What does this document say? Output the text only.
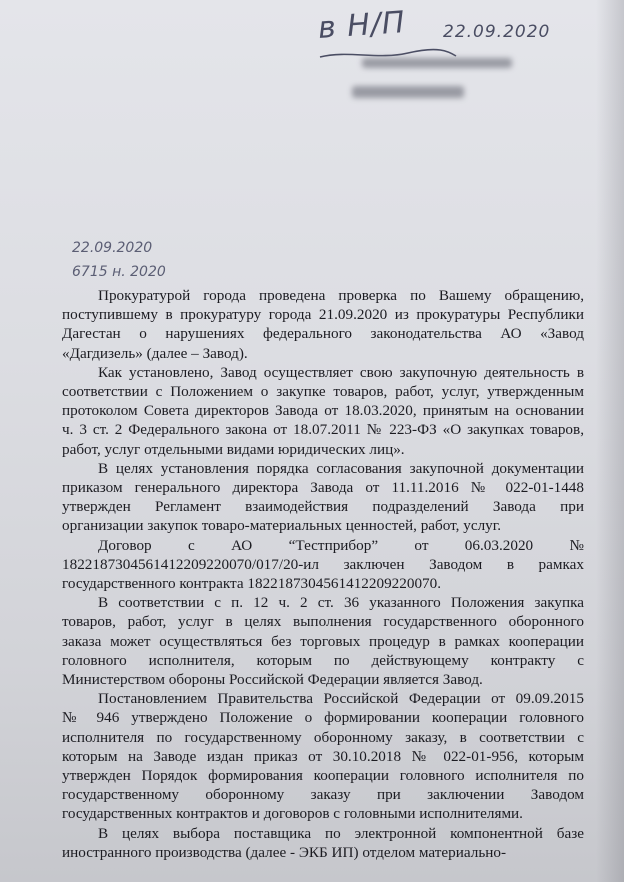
в Н/П 22.09.2020
22.09.2020
6715 н. 2020

Прокуратурой города проведена проверка по Вашему обращению,
поступившему в прокуратуру города 21.09.2020 из прокуратуры Республики
Дагестан о нарушениях федерального законодательства АО «Завод
«Дагдизель» (далее – Завод).

Как установлено, Завод осуществляет свою закупочную деятельность в
соответствии с Положением о закупке товаров, работ, услуг, утвержденным
протоколом Совета директоров Завода от 18.03.2020, принятым на основании
ч. 3 ст. 2 Федерального закона от 18.07.2011 № 223-ФЗ «О закупках товаров,
работ, услуг отдельными видами юридических лиц».

В целях установления порядка согласования закупочной документации
приказом генерального директора Завода от 11.11.2016 № 022-01-1448
утвержден Регламент взаимодействия подразделений Завода при
организации закупок товаро-материальных ценностей, работ, услуг.

Договор с АО “Тестприбор” от 06.03.2020 №
1822187304561412209220070/017/20-ил заключен Заводом в рамках
государственного контракта 1822187304561412209220070.

В соответствии с п. 12 ч. 2 ст. 36 указанного Положения закупка
товаров, работ, услуг в целях выполнения государственного оборонного
заказа может осуществляться без торговых процедур в рамках кооперации
головного исполнителя, которым по действующему контракту с
Министерством обороны Российской Федерации является Завод.

Постановлением Правительства Российской Федерации от 09.09.2015
№ 946 утверждено Положение о формировании кооперации головного
исполнителя по государственному оборонному заказу, в соответствии с
которым на Заводе издан приказ от 30.10.2018 № 022-01-956, которым
утвержден Порядок формирования кооперации головного исполнителя по
государственному оборонному заказу при заключении Заводом
государственных контрактов и договоров с головными исполнителями.

В целях выбора поставщика по электронной компонентной базе
иностранного производства (далее - ЭКБ ИП) отделом материально-
